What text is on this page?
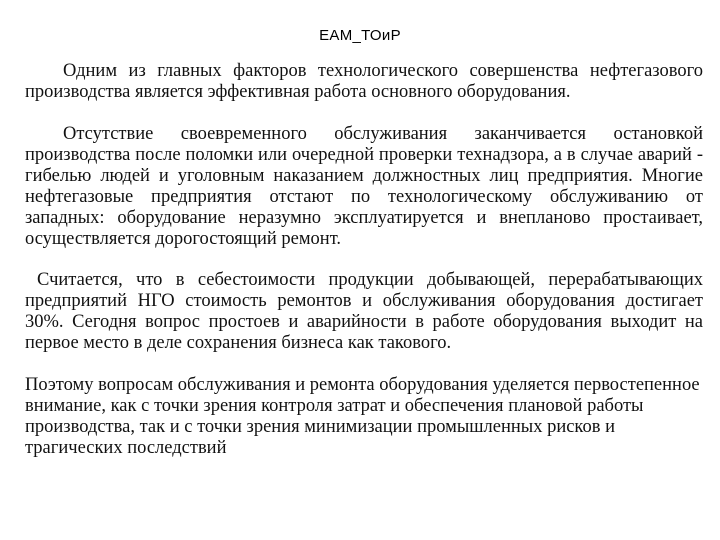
ЕАМ_ТОиР

Одним из главных факторов технологического совершенства нефтегазового производства является эффективная работа основного оборудования.

Отсутствие своевременного обслуживания заканчивается остановкой производства после поломки или очередной проверки технадзора, а в случае аварий - гибелью людей и уголовным наказанием должностных лиц предприятия. Многие нефтегазовые предприятия отстают по технологическому обслуживанию от западных: оборудование неразумно эксплуатируется и внепланово простаивает, осуществляется дорогостоящий ремонт.

Считается, что в себестоимости продукции добывающей, перерабатывающих предприятий НГО стоимость ремонтов и обслуживания оборудования достигает 30%. Сегодня вопрос простоев и аварийности в работе оборудования выходит на первое место в деле сохранения бизнеса как такового.

Поэтому вопросам обслуживания и ремонта оборудования уделяется первостепенное внимание, как с точки зрения контроля затрат и обеспечения плановой работы производства, так и с точки зрения минимизации промышленных рисков и трагических последствий
